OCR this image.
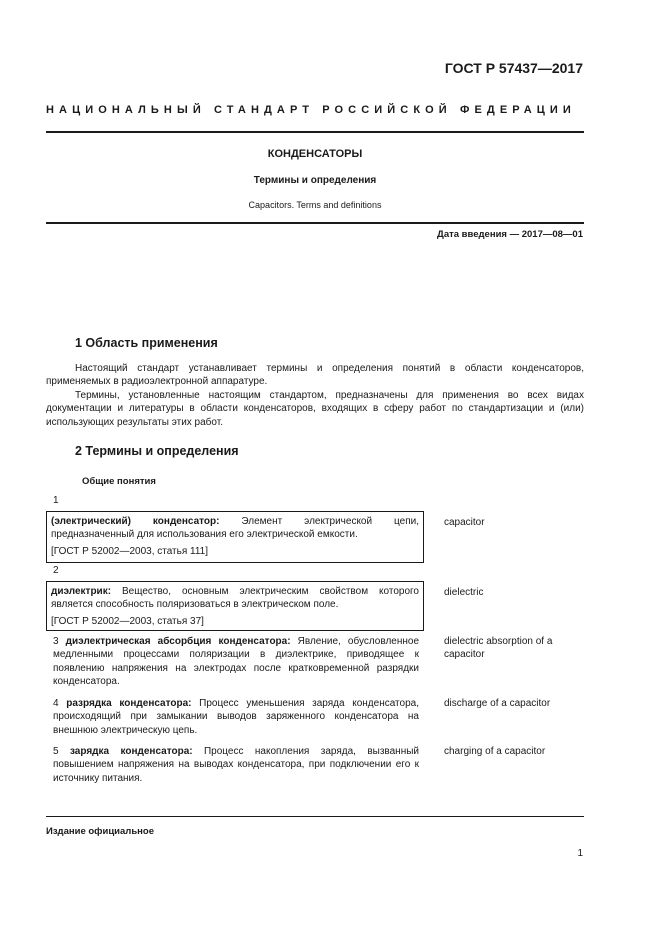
ГОСТ Р 57437—2017
НАЦИОНАЛЬНЫЙ СТАНДАРТ РОССИЙСКОЙ ФЕДЕРАЦИИ
КОНДЕНСАТОРЫ
Термины и определения
Capacitors. Terms and definitions
Дата введения — 2017—08—01
1 Область применения
Настоящий стандарт устанавливает термины и определения понятий в области конденсаторов, применяемых в радиоэлектронной аппаратуре.
Термины, установленные настоящим стандартом, предназначены для применения во всех видах документации и литературы в области конденсаторов, входящих в сферу работ по стандартизации и (или) использующих результаты этих работ.
2 Термины и определения
Общие понятия
1
(электрический) конденсатор: Элемент электрической цепи, предназначенный для использования его электрической емкости.
[ГОСТ Р 52002—2003, статья 111]
capacitor
2
диэлектрик: Вещество, основным электрическим свойством которого является способность поляризоваться в электрическом поле.
[ГОСТ Р 52002—2003, статья 37]
dielectric
3 диэлектрическая абсорбция конденсатора: Явление, обусловленное медленными процессами поляризации в диэлектрике, приводящее к появлению напряжения на электродах после кратковременной разрядки конденсатора.
dielectric absorption of a capacitor
4 разрядка конденсатора: Процесс уменьшения заряда конденсатора, происходящий при замыкании выводов заряженного конденсатора на внешнюю электрическую цепь.
discharge of a capacitor
5 зарядка конденсатора: Процесс накопления заряда, вызванный повышением напряжения на выводах конденсатора, при подключении его к источнику питания.
charging of a capacitor
Издание официальное
1
